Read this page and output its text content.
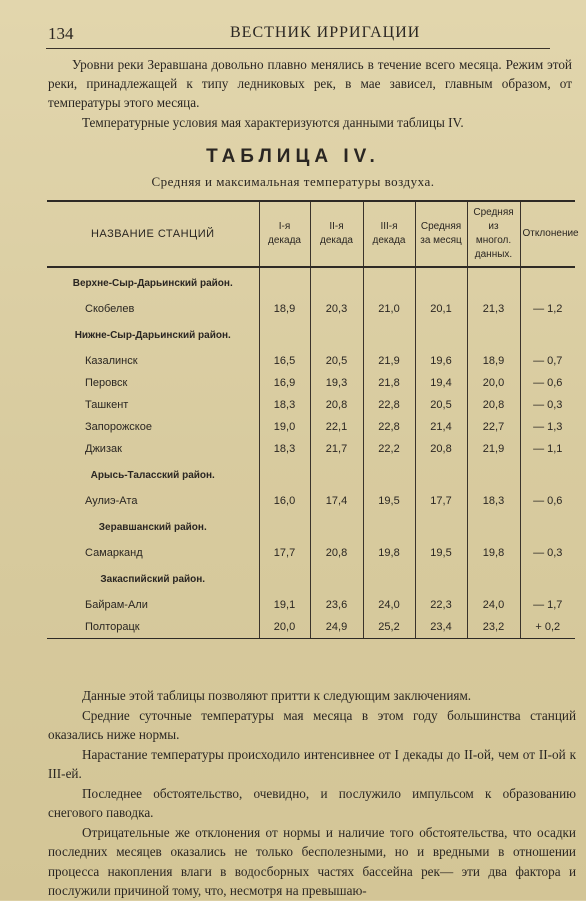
134	ВЕСТНИК ИРРИГАЦИИ
Уровни реки Зеравшана довольно плавно менялись в течение всего месяца. Режим этой реки, принадлежащей к типу ледниковых рек, в мае зависел, главным образом, от температуры этого месяца.
Температурные условия мая характеризуются данными таблицы IV.
ТАБЛИЦА IV.
Средняя и максимальная температуры воздуха.
НАЗВАНИЕ СТАНЦИЙ	I-я декада	II-я декада	III-я декада	Средняя за месяц	Средняя из многол. данных.	Отклонение
Верхне-Сыр-Дарьинский район.						
Скобелев	18,9	20,3	21,0	20,1	21,3	— 1,2
Нижне-Сыр-Дарьинский район.						
Казалинск	16,5	20,5	21,9	19,6	18,9	— 0,7
Перовск	16,9	19,3	21,8	19,4	20,0	— 0,6
Ташкент	18,3	20,8	22,8	20,5	20,8	— 0,3
Запорожское	19,0	22,1	22,8	21,4	22,7	— 1,3
Джизак	18,3	21,7	22,2	20,8	21,9	— 1,1
Арысь-Таласский район.						
Аулиэ-Ата	16,0	17,4	19,5	17,7	18,3	— 0,6
Зеравшанский район.						
Самарканд	17,7	20,8	19,8	19,5	19,8	— 0,3
Закаспийский район.						
Байрам-Али	19,1	23,6	24,0	22,3	24,0	— 1,7
Полторацк	20,0	24,9	25,2	23,4	23,2	+ 0,2

Данные этой таблицы позволяют притти к следующим заключениям.

Средние суточные температуры мая месяца в этом году большинства станций оказались ниже нормы.

Нарастание температуры происходило интенсивнее от I декады до II-ой, чем от II-ой к III-ей.

Последнее обстоятельство, очевидно, и послужило импульсом к образованию снегового паводка.

Отрицательные же отклонения от нормы и наличие того обстоятельства, что осадки последних месяцев оказались не только бесполезными, но и вредными в отношении процесса накопления влаги в водосборных частях бассейна рек— эти два фактора и послужили причиной тому, что, несмотря на превышаю-
